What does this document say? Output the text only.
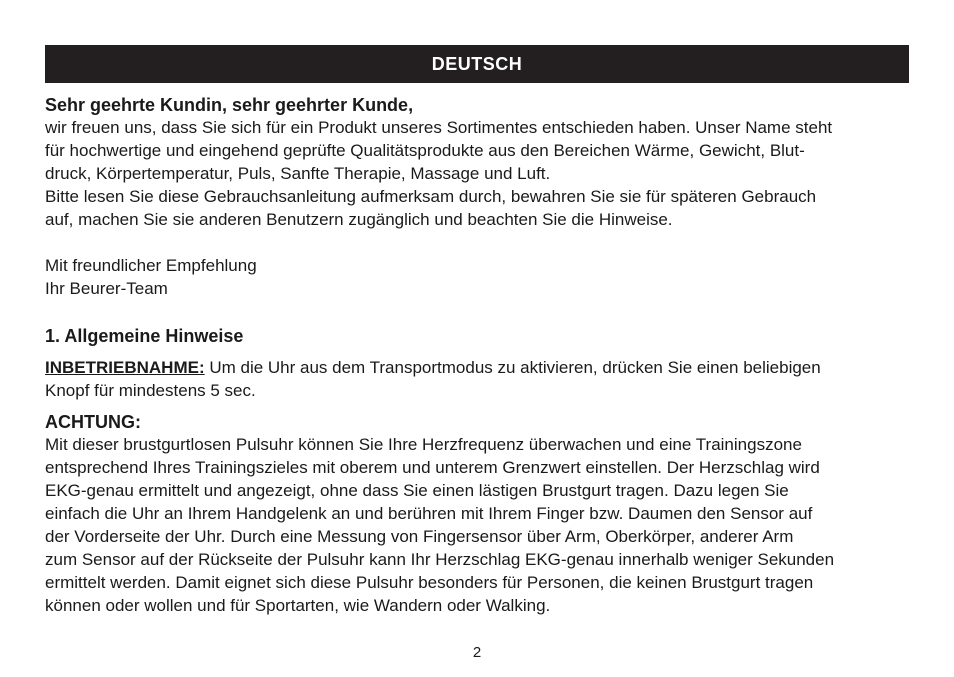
DEUTSCH
Sehr geehrte Kundin, sehr geehrter Kunde,

wir freuen uns, dass Sie sich für ein Produkt unseres Sortimentes entschieden haben. Unser Name steht

für hochwertige und eingehend geprüfte Qualitätsprodukte aus den Bereichen Wärme, Gewicht, Blut-

druck, Körpertemperatur, Puls, Sanfte Therapie, Massage und Luft.

Bitte lesen Sie diese Gebrauchsanleitung aufmerksam durch, bewahren Sie sie für späteren Gebrauch

auf, machen Sie sie anderen Benutzern zugänglich und beachten Sie die Hinweise.

Mit freundlicher Empfehlung

Ihr Beurer-Team

1. Allgemeine Hinweise

INBETRIEBNAHME: Um die Uhr aus dem Transportmodus zu aktivieren, drücken Sie einen beliebigen

Knopf für mindestens 5 sec.

ACHTUNG:

Mit dieser brustgurtlosen Pulsuhr können Sie Ihre Herzfrequenz überwachen und eine Trainingszone

entsprechend Ihres Trainingszieles mit oberem und unterem Grenzwert einstellen. Der Herzschlag wird

EKG-genau ermittelt und angezeigt, ohne dass Sie einen lästigen Brustgurt tragen. Dazu legen Sie

einfach die Uhr an Ihrem Handgelenk an und berühren mit Ihrem Finger bzw. Daumen den Sensor auf

der Vorderseite der Uhr. Durch eine Messung von Fingersensor über Arm, Oberkörper, anderer Arm

zum Sensor auf der Rückseite der Pulsuhr kann Ihr Herzschlag EKG-genau innerhalb weniger Sekunden

ermittelt werden. Damit eignet sich diese Pulsuhr besonders für Personen, die keinen Brustgurt tragen

können oder wollen und für Sportarten, wie Wandern oder Walking.

2
